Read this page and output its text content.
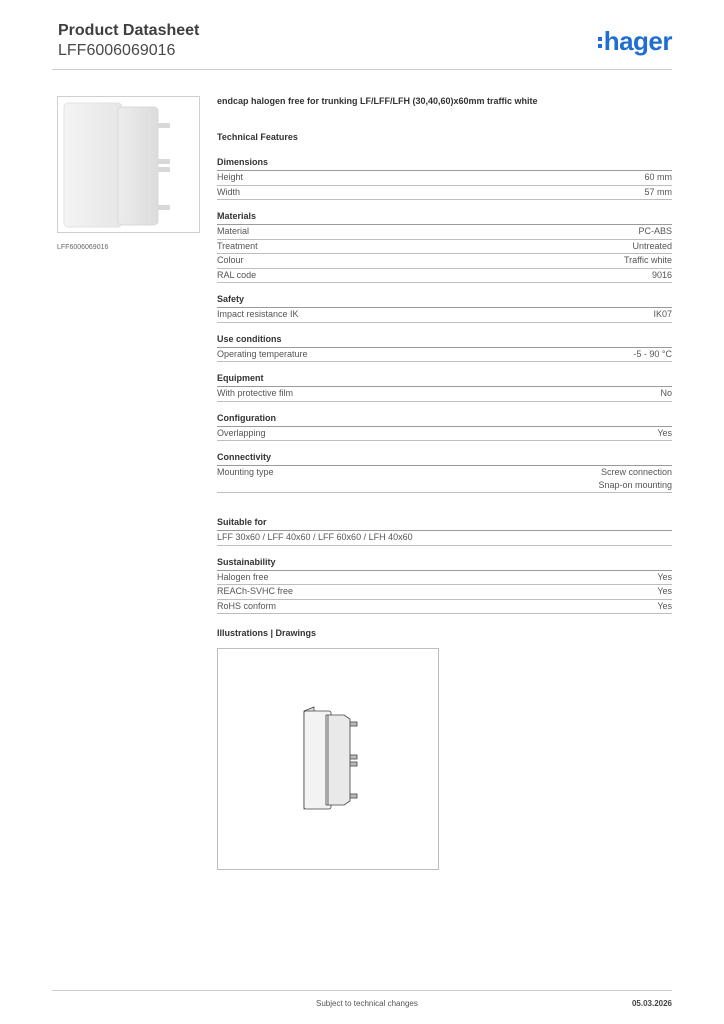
Product Datasheet
LFF6006069016	hager
LFF6006069016
endcap halogen free for trunking LF/LFF/LFH (30,40,60)x60mm traffic white
Technical Features
Dimensions
Height	60 mm
Width	57 mm
Materials
Material	PC-ABS
Treatment	Untreated
Colour	Traffic white
RAL code	9016
Safety
Impact resistance IK	IK07
Use conditions
Operating temperature	-5 - 90 °C
Equipment
With protective film	No
Configuration
Overlapping	Yes
Connectivity
Mounting type	Screw connection
Snap-on mounting
Suitable for
LFF 30x60 / LFF 40x60 / LFF 60x60 / LFH 40x60
Sustainability
Halogen free	Yes
REACh-SVHC free	Yes
RoHS conform	Yes
Illustrations | Drawings
Subject to technical changes	05.03.2026
